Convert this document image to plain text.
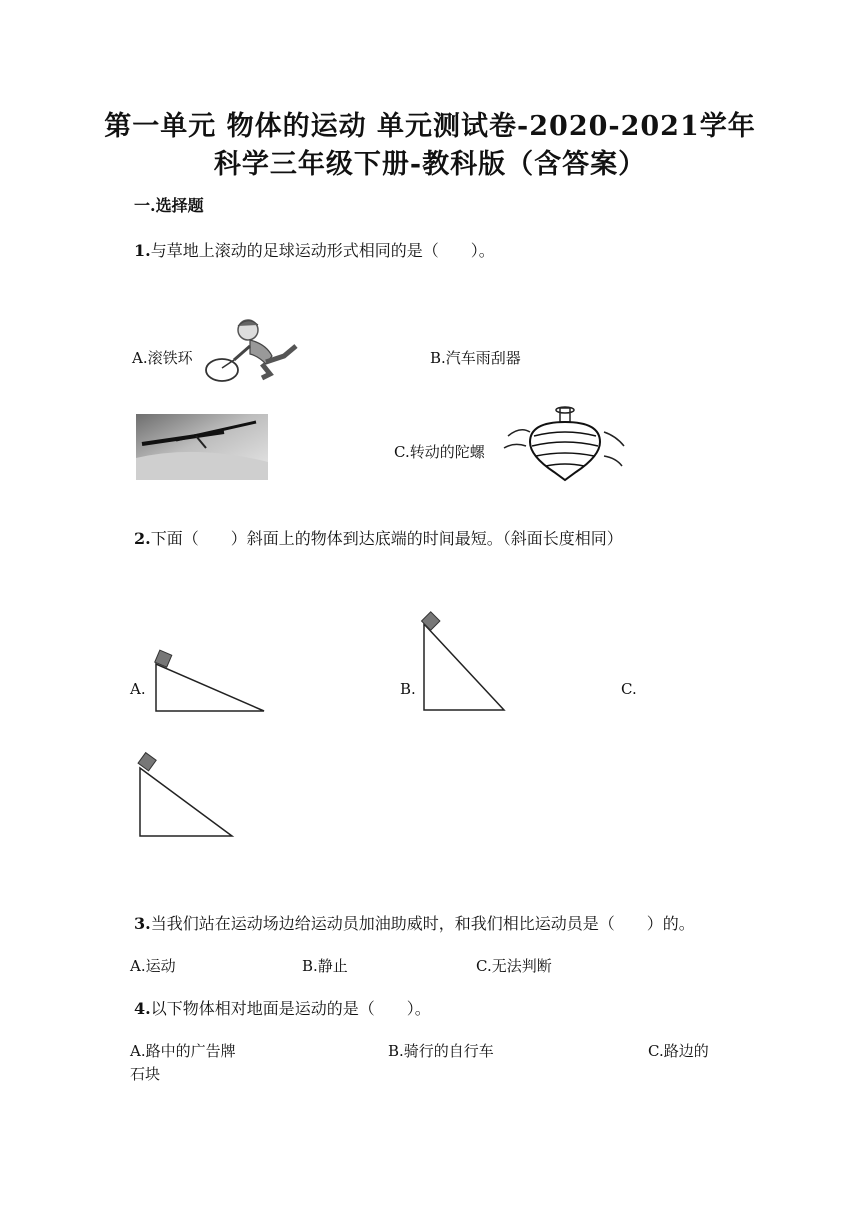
第一单元 物体的运动 单元测试卷-2020-2021学年
科学三年级下册-教科版（含答案）
一.选择题
1.与草地上滚动的足球运动形式相同的是（　　）。
A.滚铁环	B.汽车雨刮器
C.转动的陀螺
2.下面（　　）斜面上的物体到达底端的时间最短。（斜面长度相同）
A.	B.	C.
3.当我们站在运动场边给运动员加油助威时，和我们相比运动员是（　　）的。
A.运动	B.静止	C.无法判断
4.以下物体相对地面是运动的是（　　）。
A.路中的广告牌	B.骑行的自行车	C.路边的
石块
